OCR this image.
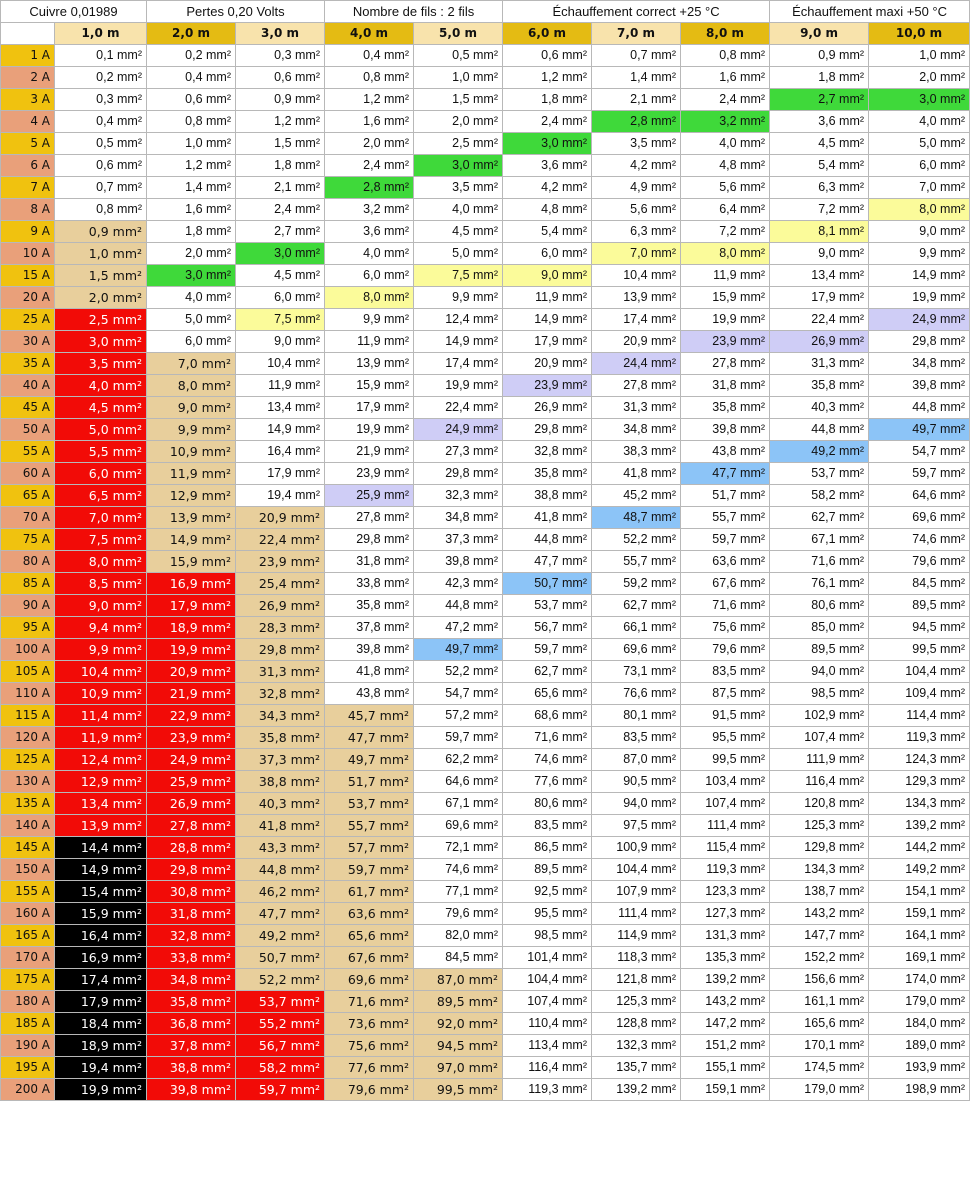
Cuivre 0,01989		Pertes 0,20 Volts		Nombre de fils : 2 fils		Échauffement correct +25 °C			Échauffement maxi +50 °C	
	1,0 m	2,0 m	3,0 m	4,0 m	5,0 m	6,0 m	7,0 m	8,0 m	9,0 m	10,0 m
1 A	0,1 mm²	0,2 mm²	0,3 mm²	0,4 mm²	0,5 mm²	0,6 mm²	0,7 mm²	0,8 mm²	0,9 mm²	1,0 mm²
2 A	0,2 mm²	0,4 mm²	0,6 mm²	0,8 mm²	1,0 mm²	1,2 mm²	1,4 mm²	1,6 mm²	1,8 mm²	2,0 mm²
3 A	0,3 mm²	0,6 mm²	0,9 mm²	1,2 mm²	1,5 mm²	1,8 mm²	2,1 mm²	2,4 mm²	2,7 mm²	3,0 mm²
4 A	0,4 mm²	0,8 mm²	1,2 mm²	1,6 mm²	2,0 mm²	2,4 mm²	2,8 mm²	3,2 mm²	3,6 mm²	4,0 mm²
5 A	0,5 mm²	1,0 mm²	1,5 mm²	2,0 mm²	2,5 mm²	3,0 mm²	3,5 mm²	4,0 mm²	4,5 mm²	5,0 mm²
6 A	0,6 mm²	1,2 mm²	1,8 mm²	2,4 mm²	3,0 mm²	3,6 mm²	4,2 mm²	4,8 mm²	5,4 mm²	6,0 mm²
7 A	0,7 mm²	1,4 mm²	2,1 mm²	2,8 mm²	3,5 mm²	4,2 mm²	4,9 mm²	5,6 mm²	6,3 mm²	7,0 mm²
8 A	0,8 mm²	1,6 mm²	2,4 mm²	3,2 mm²	4,0 mm²	4,8 mm²	5,6 mm²	6,4 mm²	7,2 mm²	8,0 mm²
9 A	0,9 mm²	1,8 mm²	2,7 mm²	3,6 mm²	4,5 mm²	5,4 mm²	6,3 mm²	7,2 mm²	8,1 mm²	9,0 mm²
10 A	1,0 mm²	2,0 mm²	3,0 mm²	4,0 mm²	5,0 mm²	6,0 mm²	7,0 mm²	8,0 mm²	9,0 mm²	9,9 mm²
15 A	1,5 mm²	3,0 mm²	4,5 mm²	6,0 mm²	7,5 mm²	9,0 mm²	10,4 mm²	11,9 mm²	13,4 mm²	14,9 mm²
20 A	2,0 mm²	4,0 mm²	6,0 mm²	8,0 mm²	9,9 mm²	11,9 mm²	13,9 mm²	15,9 mm²	17,9 mm²	19,9 mm²
25 A	2,5 mm²	5,0 mm²	7,5 mm²	9,9 mm²	12,4 mm²	14,9 mm²	17,4 mm²	19,9 mm²	22,4 mm²	24,9 mm²
30 A	3,0 mm²	6,0 mm²	9,0 mm²	11,9 mm²	14,9 mm²	17,9 mm²	20,9 mm²	23,9 mm²	26,9 mm²	29,8 mm²
35 A	3,5 mm²	7,0 mm²	10,4 mm²	13,9 mm²	17,4 mm²	20,9 mm²	24,4 mm²	27,8 mm²	31,3 mm²	34,8 mm²
40 A	4,0 mm²	8,0 mm²	11,9 mm²	15,9 mm²	19,9 mm²	23,9 mm²	27,8 mm²	31,8 mm²	35,8 mm²	39,8 mm²
45 A	4,5 mm²	9,0 mm²	13,4 mm²	17,9 mm²	22,4 mm²	26,9 mm²	31,3 mm²	35,8 mm²	40,3 mm²	44,8 mm²
50 A	5,0 mm²	9,9 mm²	14,9 mm²	19,9 mm²	24,9 mm²	29,8 mm²	34,8 mm²	39,8 mm²	44,8 mm²	49,7 mm²
55 A	5,5 mm²	10,9 mm²	16,4 mm²	21,9 mm²	27,3 mm²	32,8 mm²	38,3 mm²	43,8 mm²	49,2 mm²	54,7 mm²
60 A	6,0 mm²	11,9 mm²	17,9 mm²	23,9 mm²	29,8 mm²	35,8 mm²	41,8 mm²	47,7 mm²	53,7 mm²	59,7 mm²
65 A	6,5 mm²	12,9 mm²	19,4 mm²	25,9 mm²	32,3 mm²	38,8 mm²	45,2 mm²	51,7 mm²	58,2 mm²	64,6 mm²
70 A	7,0 mm²	13,9 mm²	20,9 mm²	27,8 mm²	34,8 mm²	41,8 mm²	48,7 mm²	55,7 mm²	62,7 mm²	69,6 mm²
75 A	7,5 mm²	14,9 mm²	22,4 mm²	29,8 mm²	37,3 mm²	44,8 mm²	52,2 mm²	59,7 mm²	67,1 mm²	74,6 mm²
80 A	8,0 mm²	15,9 mm²	23,9 mm²	31,8 mm²	39,8 mm²	47,7 mm²	55,7 mm²	63,6 mm²	71,6 mm²	79,6 mm²
85 A	8,5 mm²	16,9 mm²	25,4 mm²	33,8 mm²	42,3 mm²	50,7 mm²	59,2 mm²	67,6 mm²	76,1 mm²	84,5 mm²
90 A	9,0 mm²	17,9 mm²	26,9 mm²	35,8 mm²	44,8 mm²	53,7 mm²	62,7 mm²	71,6 mm²	80,6 mm²	89,5 mm²
95 A	9,4 mm²	18,9 mm²	28,3 mm²	37,8 mm²	47,2 mm²	56,7 mm²	66,1 mm²	75,6 mm²	85,0 mm²	94,5 mm²
100 A	9,9 mm²	19,9 mm²	29,8 mm²	39,8 mm²	49,7 mm²	59,7 mm²	69,6 mm²	79,6 mm²	89,5 mm²	99,5 mm²
105 A	10,4 mm²	20,9 mm²	31,3 mm²	41,8 mm²	52,2 mm²	62,7 mm²	73,1 mm²	83,5 mm²	94,0 mm²	104,4 mm²
110 A	10,9 mm²	21,9 mm²	32,8 mm²	43,8 mm²	54,7 mm²	65,6 mm²	76,6 mm²	87,5 mm²	98,5 mm²	109,4 mm²
115 A	11,4 mm²	22,9 mm²	34,3 mm²	45,7 mm²	57,2 mm²	68,6 mm²	80,1 mm²	91,5 mm²	102,9 mm²	114,4 mm²
120 A	11,9 mm²	23,9 mm²	35,8 mm²	47,7 mm²	59,7 mm²	71,6 mm²	83,5 mm²	95,5 mm²	107,4 mm²	119,3 mm²
125 A	12,4 mm²	24,9 mm²	37,3 mm²	49,7 mm²	62,2 mm²	74,6 mm²	87,0 mm²	99,5 mm²	111,9 mm²	124,3 mm²
130 A	12,9 mm²	25,9 mm²	38,8 mm²	51,7 mm²	64,6 mm²	77,6 mm²	90,5 mm²	103,4 mm²	116,4 mm²	129,3 mm²
135 A	13,4 mm²	26,9 mm²	40,3 mm²	53,7 mm²	67,1 mm²	80,6 mm²	94,0 mm²	107,4 mm²	120,8 mm²	134,3 mm²
140 A	13,9 mm²	27,8 mm²	41,8 mm²	55,7 mm²	69,6 mm²	83,5 mm²	97,5 mm²	111,4 mm²	125,3 mm²	139,2 mm²
145 A	14,4 mm²	28,8 mm²	43,3 mm²	57,7 mm²	72,1 mm²	86,5 mm²	100,9 mm²	115,4 mm²	129,8 mm²	144,2 mm²
150 A	14,9 mm²	29,8 mm²	44,8 mm²	59,7 mm²	74,6 mm²	89,5 mm²	104,4 mm²	119,3 mm²	134,3 mm²	149,2 mm²
155 A	15,4 mm²	30,8 mm²	46,2 mm²	61,7 mm²	77,1 mm²	92,5 mm²	107,9 mm²	123,3 mm²	138,7 mm²	154,1 mm²
160 A	15,9 mm²	31,8 mm²	47,7 mm²	63,6 mm²	79,6 mm²	95,5 mm²	111,4 mm²	127,3 mm²	143,2 mm²	159,1 mm²
165 A	16,4 mm²	32,8 mm²	49,2 mm²	65,6 mm²	82,0 mm²	98,5 mm²	114,9 mm²	131,3 mm²	147,7 mm²	164,1 mm²
170 A	16,9 mm²	33,8 mm²	50,7 mm²	67,6 mm²	84,5 mm²	101,4 mm²	118,3 mm²	135,3 mm²	152,2 mm²	169,1 mm²
175 A	17,4 mm²	34,8 mm²	52,2 mm²	69,6 mm²	87,0 mm²	104,4 mm²	121,8 mm²	139,2 mm²	156,6 mm²	174,0 mm²
180 A	17,9 mm²	35,8 mm²	53,7 mm²	71,6 mm²	89,5 mm²	107,4 mm²	125,3 mm²	143,2 mm²	161,1 mm²	179,0 mm²
185 A	18,4 mm²	36,8 mm²	55,2 mm²	73,6 mm²	92,0 mm²	110,4 mm²	128,8 mm²	147,2 mm²	165,6 mm²	184,0 mm²
190 A	18,9 mm²	37,8 mm²	56,7 mm²	75,6 mm²	94,5 mm²	113,4 mm²	132,3 mm²	151,2 mm²	170,1 mm²	189,0 mm²
195 A	19,4 mm²	38,8 mm²	58,2 mm²	77,6 mm²	97,0 mm²	116,4 mm²	135,7 mm²	155,1 mm²	174,5 mm²	193,9 mm²
200 A	19,9 mm²	39,8 mm²	59,7 mm²	79,6 mm²	99,5 mm²	119,3 mm²	139,2 mm²	159,1 mm²	179,0 mm²	198,9 mm²
